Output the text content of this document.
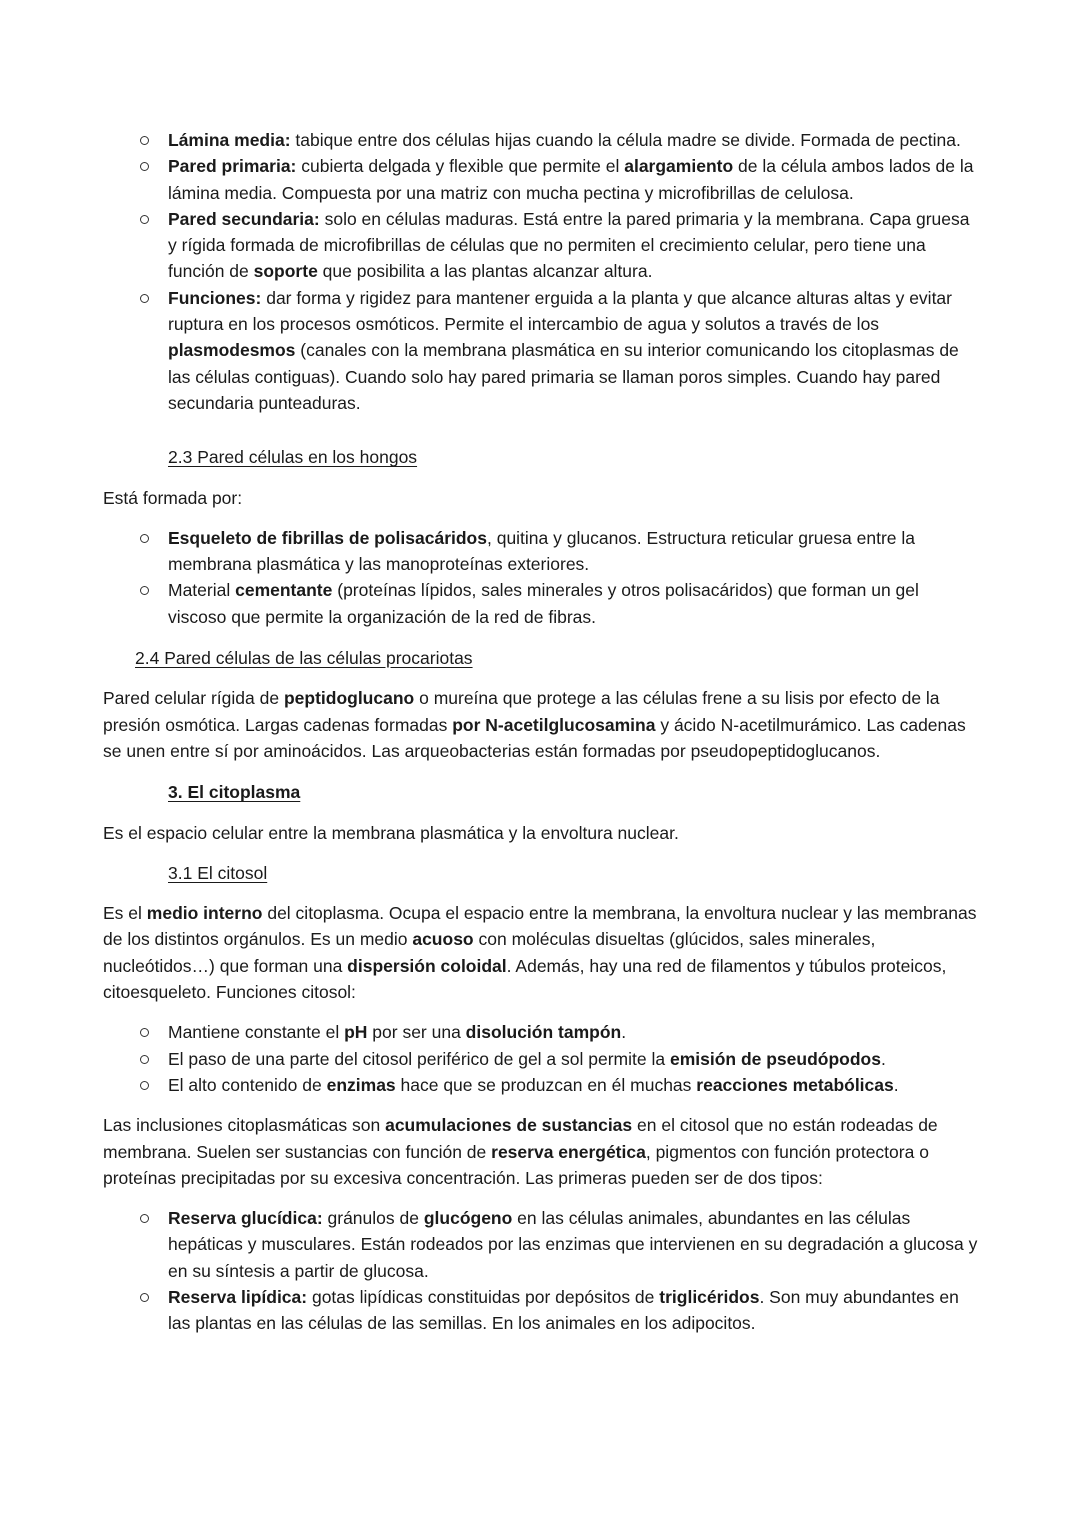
Lámina media: tabique entre dos células hijas cuando la célula madre se divide. Formada de pectina.
Pared primaria: cubierta delgada y flexible que permite el alargamiento de la célula ambos lados de la lámina media. Compuesta por una matriz con mucha pectina y microfibrillas de celulosa.
Pared secundaria: solo en células maduras. Está entre la pared primaria y la membrana. Capa gruesa y rígida formada de microfibrillas de células que no permiten el crecimiento celular, pero tiene una función de soporte que posibilita a las plantas alcanzar altura.
Funciones: dar forma y rigidez para mantener erguida a la planta y que alcance alturas altas y evitar ruptura en los procesos osmóticos. Permite el intercambio de agua y solutos a través de los plasmodesmos (canales con la membrana plasmática en su interior comunicando los citoplasmas de las células contiguas). Cuando solo hay pared primaria se llaman poros simples. Cuando hay pared secundaria punteaduras.
2.3 Pared células en los hongos
Está formada por:
Esqueleto de fibrillas de polisacáridos, quitina y glucanos. Estructura reticular gruesa entre la membrana plasmática y las manoproteínas exteriores.
Material cementante (proteínas lípidos, sales minerales y otros polisacáridos) que forman un gel viscoso que permite la organización de la red de fibras.
2.4 Pared células de las células procariotas
Pared celular rígida de peptidoglucano o mureína que protege a las células frene a su lisis por efecto de la presión osmótica. Largas cadenas formadas por N-acetilglucosamina y ácido N-acetilmurámico. Las cadenas se unen entre sí por aminoácidos. Las arqueobacterias están formadas por pseudopeptidoglucanos.
3. El citoplasma
Es el espacio celular entre la membrana plasmática y la envoltura nuclear.
3.1 El citosol
Es el medio interno del citoplasma. Ocupa el espacio entre la membrana, la envoltura nuclear y las membranas de los distintos orgánulos. Es un medio acuoso con moléculas disueltas (glúcidos, sales minerales, nucleótidos…) que forman una dispersión coloidal. Además, hay una red de filamentos y túbulos proteicos, citoesqueleto. Funciones citosol:
Mantiene constante el pH por ser una disolución tampón.
El paso de una parte del citosol periférico de gel a sol permite la emisión de pseudópodos.
El alto contenido de enzimas hace que se produzcan en él muchas reacciones metabólicas.
Las inclusiones citoplasmáticas son acumulaciones de sustancias en el citosol que no están rodeadas de membrana. Suelen ser sustancias con función de reserva energética, pigmentos con función protectora o proteínas precipitadas por su excesiva concentración. Las primeras pueden ser de dos tipos:
Reserva glucídica: gránulos de glucógeno en las células animales, abundantes en las células hepáticas y musculares. Están rodeados por las enzimas que intervienen en su degradación a glucosa y en su síntesis a partir de glucosa.
Reserva lipídica: gotas lipídicas constituidas por depósitos de triglicéridos. Son muy abundantes en las plantas en las células de las semillas. En los animales en los adipocitos.
